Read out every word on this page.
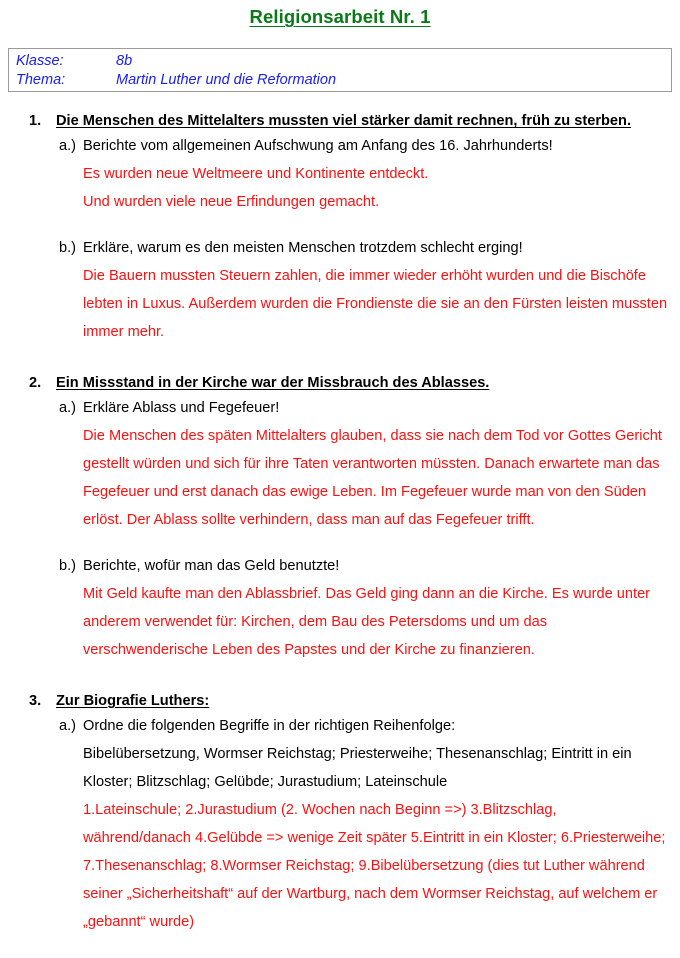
Religionsarbeit Nr. 1
Klasse:	8b
Thema:	Martin Luther und die Reformation
1.	Die Menschen des Mittelalters mussten viel stärker damit rechnen, früh zu sterben.
a.) Berichte vom allgemeinen Aufschwung am Anfang des 16. Jahrhunderts!
Es wurden neue Weltmeere und Kontinente entdeckt.
Und wurden viele neue Erfindungen gemacht.
b.) Erkläre, warum es den meisten Menschen trotzdem schlecht erging!
Die Bauern mussten Steuern zahlen, die immer wieder erhöht wurden und die Bischöfe lebten in Luxus. Außerdem wurden die Frondienste die sie an den Fürsten leisten mussten immer mehr.
2.	Ein Missstand in der Kirche war der Missbrauch des Ablasses.
a.) Erkläre Ablass und Fegefeuer!
Die Menschen des späten Mittelalters glauben, dass sie nach dem Tod vor Gottes Gericht gestellt würden und sich für ihre Taten verantworten müssten. Danach erwartete man das Fegefeuer und erst danach das ewige Leben. Im Fegefeuer wurde man von den Süden erlöst. Der Ablass sollte verhindern, dass man auf das Fegefeuer trifft.
b.) Berichte, wofür man das Geld benutzte!
Mit Geld kaufte man den Ablassbrief. Das Geld ging dann an die Kirche. Es wurde unter anderem verwendet für: Kirchen, dem Bau des Petersdoms und um das verschwenderische Leben des Papstes und der Kirche zu finanzieren.
3.	Zur Biografie Luthers:
a.) Ordne die folgenden Begriffe in der richtigen Reihenfolge:
Bibelübersetzung, Wormser Reichstag; Priesterweihe; Thesenanschlag; Eintritt in ein Kloster; Blitzschlag; Gelübde; Jurastudium; Lateinschule
1.Lateinschule; 2.Jurastudium (2. Wochen nach Beginn =>) 3.Blitzschlag, während/danach 4.Gelübde => wenige Zeit später 5.Eintritt in ein Kloster; 6.Priesterweihe; 7.Thesenanschlag; 8.Wormser Reichstag; 9.Bibelübersetzung (dies tut Luther während seiner „Sicherheitshaft“ auf der Wartburg, nach dem Wormser Reichstag, auf welchem er „gebannt“ wurde)
